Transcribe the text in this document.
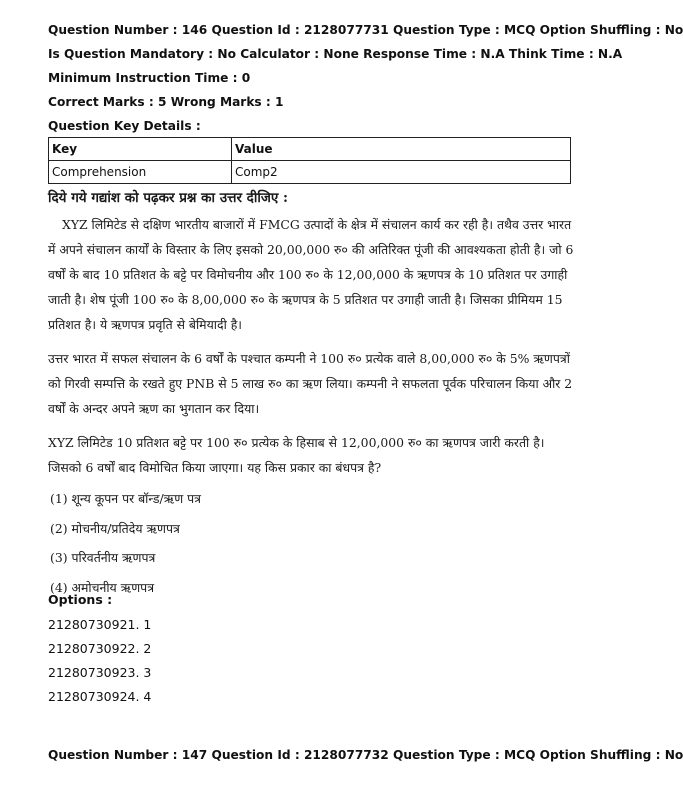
Question Number : 146 Question Id : 2128077731 Question Type : MCQ Option Shuffling : No
Is Question Mandatory : No Calculator : None Response Time : N.A Think Time : N.A
Minimum Instruction Time : 0
Correct Marks : 5 Wrong Marks : 1
Question Key Details :
Key	Value
Comprehension	Comp2
दिये गये गद्यांश को पढ़कर प्रश्न का उत्तर दीजिए :

XYZ लिमिटेड से दक्षिण भारतीय बाजारों में FMCG उत्पादों के क्षेत्र में संचालन कार्य कर रही है। तथैव उत्तर भारत में अपने संचालन कार्यों के विस्तार के लिए इसको 20,00,000 रु० की अतिरिक्त पूंजी की आवश्यकता होती है। जो 6 वर्षों के बाद 10 प्रतिशत के बट्टे पर विमोचनीय और 100 रु० के 12,00,000 के ऋणपत्र के 10 प्रतिशत पर उगाही जाती है। शेष पूंजी 100 रु० के 8,00,000 रु० के ऋणपत्र के 5 प्रतिशत पर उगाही जाती है। जिसका प्रीमियम 15 प्रतिशत है। ये ऋणपत्र प्रवृति से बेमियादी है।

उत्तर भारत में सफल संचालन के 6 वर्षों के पश्चात कम्पनी ने 100 रु० प्रत्येक वाले 8,00,000 रु० के 5% ऋणपत्रों को गिरवी सम्पत्ति के रखते हुए PNB से 5 लाख रु० का ऋण लिया। कम्पनी ने सफलता पूर्वक परिचालन किया और 2 वर्षों के अन्दर अपने ऋण का भुगतान कर दिया।

XYZ लिमिटेड 10 प्रतिशत बट्टे पर 100 रु० प्रत्येक के हिसाब से 12,00,000 रु० का ऋणपत्र जारी करती है। जिसको 6 वर्षों बाद विमोचित किया जाएगा। यह किस प्रकार का बंधपत्र है?

(1) शून्य कूपन पर बॉन्ड/ऋण पत्र
(2) मोचनीय/प्रतिदेय ऋणपत्र
(3) परिवर्तनीय ऋणपत्र
(4) अमोचनीय ऋणपत्र
Options :
21280730921. 1
21280730922. 2
21280730923. 3
21280730924. 4
Question Number : 147 Question Id : 2128077732 Question Type : MCQ Option Shuffling : No
